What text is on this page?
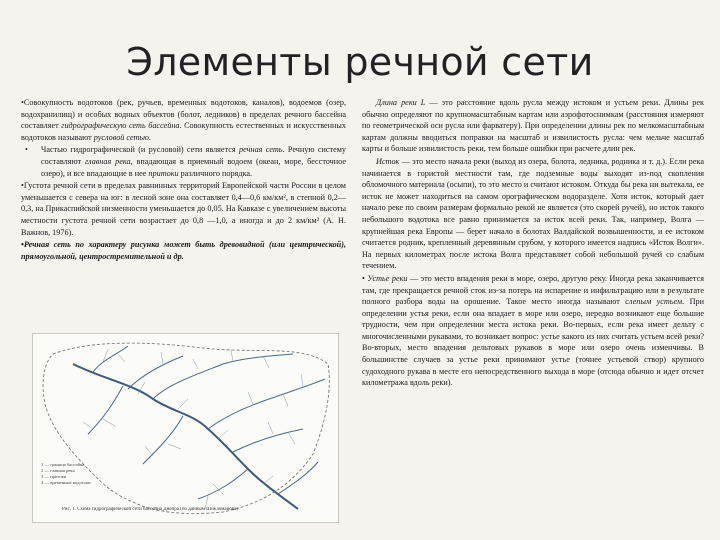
Элементы речной сети

•Совокупность водотоков (рек, ручьев, временных водотоков, каналов), водоемов (озер, водохранилищ) и особых водных объектов (болот, ледников) в пределах речного бассейна составляет гидрографическую сеть бассейна. Совокупность естественных и искусственных водотоков называют русловой сетью.

• Частью гидрографической (и русловой) сети является речная сеть. Речную систему составляют главная река, впадающая в приемный водоем (океан, море, бессточное озеро), и все впадающие в нее притоки различного порядка.

•Густота речной сети в пределах равнинных территорий Европейской части России в целом уменьшается с севера на юг: в лесной зоне она составляет 0,4—0,6 км/км², в степной 0,2—0,3, на Прикаспийской низменности уменьшается до 0,05. На Кавказе с увеличением высоты местности густота речной сети возрастает до 0,8 —1,0, а иногда и до 2 км/км² (А. Н. Важнов, 1976).

•Речная сеть по характеру рисунка может быть древовидной (или центрической), прямоугольной, центростремительной и др.

1 — граница бассейна
2 — главная река
3 — притоки
4 — временные водотоки
Рис. 1. Схема гидрографической сети бассейна Днепра (по данным Шикломанова)

Длина реки L — это расстояние вдоль русла между истоком и устьем реки. Длины рек обычно определяют по крупномасштабным картам или аэрофотоснимкам (расстояния измеряют по геометрической оси русла или фарватеру). При определении длины рек по мелкомасштабным картам должны вводиться поправки на масштаб и извилистость русла: чем мельче масштаб карты и больше извилистость реки, тем больше ошибки при расчете длин рек.

Исток — это место начала реки (выход из озера, болота, ледника, родника и т. д.). Если река начинается в гористой местности там, где подземные воды выходят из-под скопления обломочного материала (осыпи), то это место и считают истоком. Откуда бы река ни вытекала, ее исток не может находиться на самом орографическом водоразделе. Хотя исток, который дает начало реке по своим размерам формально рекой не является (это скорей ручей), но исток такого небольшого водотока все равно принимается за исток всей реки. Так, например, Волга — крупнейшая река Европы — берет начало в болотах Валдайской возвышенности, и ее истоком считается родник, крепленный деревянным срубом, у которого имеется надпись «Исток Волги». На первых километрах после истока Волга представляет собой небольшой ручей со слабым течением.

• Устье реки — это место впадения реки в море, озеро, другую реку. Иногда река заканчивается там, где прекращается речной сток из-за потерь на испарение и инфильтрацию или в результате полного разбора воды на орошение. Такое место иногда называют слепым устьем. При определении устья реки, если она впадает в море или озеро, нередко возникают еще большие трудности, чем при определении места истока реки. Во-первых, если река имеет дельту с многочисленными рукавами, то возникает вопрос: устье какого из них считать устьем всей реки? Во-вторых, место впадения дельтовых рукавов в море или озеро очень изменчивы. В большинстве случаев за устье реки принимают устье (точнее устьевой створ) крупного судоходного рукава в месте его непосредственного выхода в море (отсюда обычно и идет отсчет километража вдоль реки).
